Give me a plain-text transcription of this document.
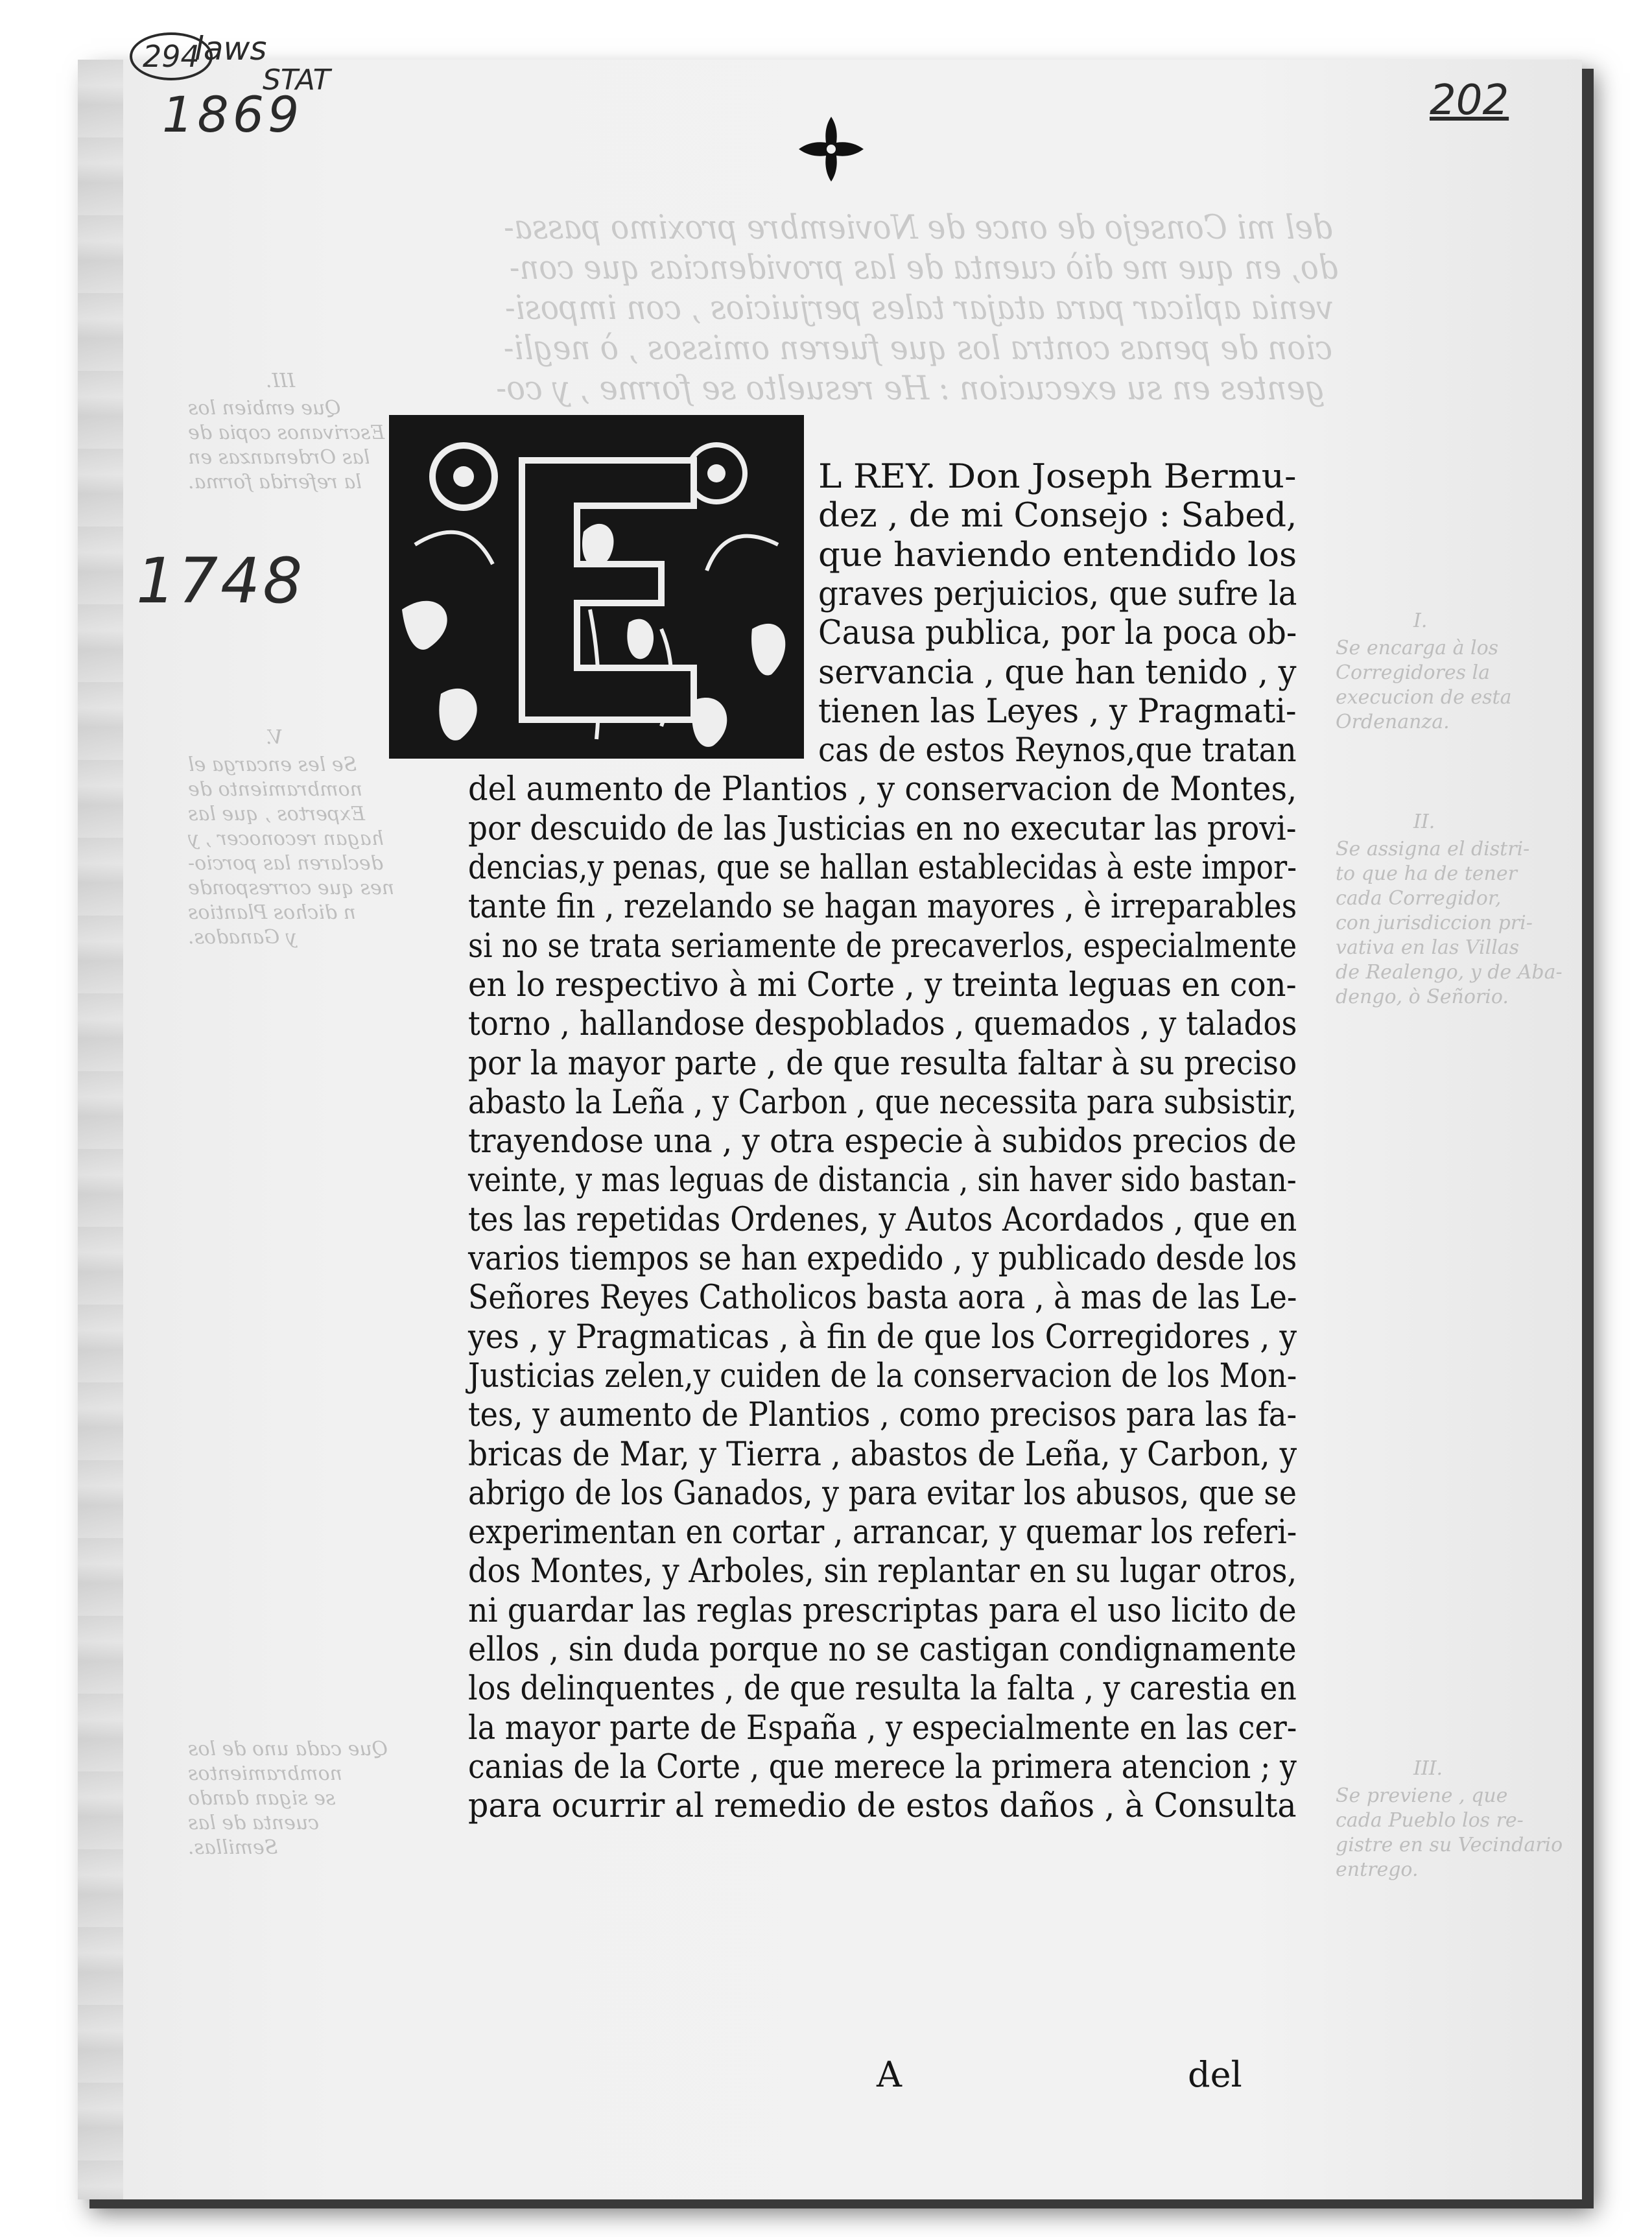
294
laws
STAT
1869
1748
202
del mi Consejo de once de Noviembre proximo passa-
do, en que me diò cuenta de las providencias que con-
venia aplicar para atajar tales perjuicios , con imposi-
cion de penas contra los que fueren omissos , ò negli-
gentes en su execucion : He resuelto se forme , y co-
III.
Que embien los
Escrivanos copia de
las Ordenanzas en
la referida forma.
V.
Se les encarga el
nombramiento de
Expertos , que las
hagan reconocer , y
declaren las porcio-
nes que corresponde
n dichos Plantios
y Ganados.
Que cada uno de los
nombramientos
se sigan dando
cuenta de las
Semillas.
I.
Se encarga à los
Corregidores la
execucion de esta
Ordenanza.
II.
Se assigna el distri-
to que ha de tener
cada Corregidor,
con jurisdiccion pri-
vativa en las Villas
de Realengo, y de Aba-
dengo, ò Señorio.
III.
Se previene , que
cada Pueblo los re-
gistre en su Vecindario
entrego.
L REY. Don Joseph Bermu-
dez , de mi Consejo : Sabed,
que haviendo entendido los
graves perjuicios, que sufre la
Causa publica, por la poca ob-
servancia , que han tenido , y
tienen las Leyes , y Pragmati-
cas de estos Reynos,que tratan
del aumento de Plantios , y conservacion de Montes,
por descuido de las Justicias en no executar las provi-
dencias,y penas, que se hallan establecidas à este impor-
tante fin , rezelando se hagan mayores , è irreparables
si no se trata seriamente de precaverlos, especialmente
en lo respectivo à mi Corte , y treinta leguas en con-
torno , hallandose despoblados , quemados , y talados
por la mayor parte , de que resulta faltar à su preciso
abasto la Leña , y Carbon , que necessita para subsistir,
trayendose una , y otra especie à subidos precios de
veinte, y mas leguas de distancia , sin haver sido bastan-
tes las repetidas Ordenes, y Autos Acordados , que en
varios tiempos se han expedido , y publicado desde los
Señores Reyes Catholicos basta aora , à mas de las Le-
yes , y Pragmaticas , à fin de que los Corregidores , y
Justicias zelen,y cuiden de la conservacion de los Mon-
tes, y aumento de Plantios , como precisos para las fa-
bricas de Mar, y Tierra , abastos de Leña, y Carbon, y
abrigo de los Ganados, y para evitar los abusos, que se
experimentan en cortar , arrancar, y quemar los referi-
dos Montes, y Arboles, sin replantar en su lugar otros,
ni guardar las reglas prescriptas para el uso licito de
ellos , sin duda porque no se castigan condignamente
los delinquentes , de que resulta la falta , y carestia en
la mayor parte de España , y especialmente en las cer-
canias de la Corte , que merece la primera atencion ; y
para ocurrir al remedio de estos daños , à Consulta
A	del
